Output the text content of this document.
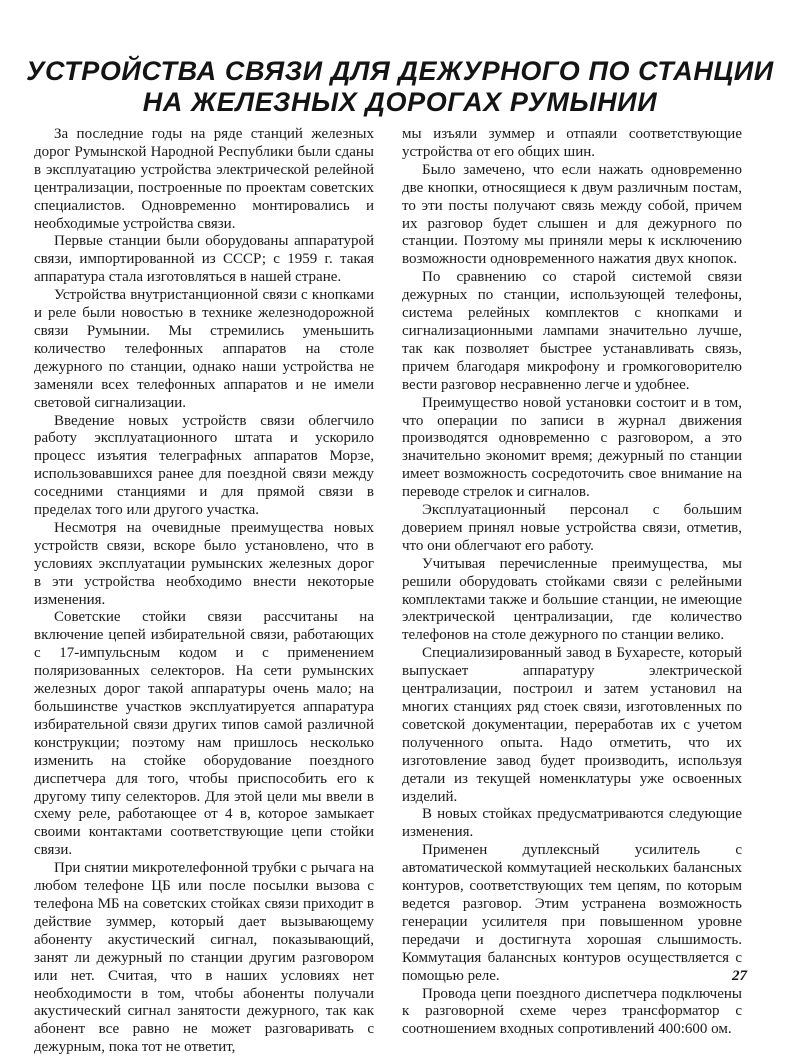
УСТРОЙСТВА СВЯЗИ ДЛЯ ДЕЖУРНОГО ПО СТАНЦИИ
НА ЖЕЛЕЗНЫХ ДОРОГАХ РУМЫНИИ

За последние годы на ряде станций железных дорог Румынской Народной Республики были сданы в эксплуатацию устройства электрической релейной централизации, построенные по проектам советских специалистов. Одновременно монтировались и необходимые устройства связи.

Первые станции были оборудованы аппаратурой связи, импортированной из СССР; с 1959 г. такая аппаратура стала изготовляться в нашей стране.

Устройства внутристанционной связи с кнопками и реле были новостью в технике железнодорожной связи Румынии. Мы стремились уменьшить количество телефонных аппаратов на столе дежурного по станции, однако наши устройства не заменяли всех телефонных аппаратов и не имели световой сигнализации.

Введение новых устройств связи облегчило работу эксплуатационного штата и ускорило процесс изъятия телеграфных аппаратов Морзе, использовавшихся ранее для поездной связи между соседними станциями и для прямой связи в пределах того или другого участка.

Несмотря на очевидные преимущества новых устройств связи, вскоре было установлено, что в условиях эксплуатации румынских железных дорог в эти устройства необходимо внести некоторые изменения.

Советские стойки связи рассчитаны на включение цепей избирательной связи, работающих с 17-импульсным кодом и с применением поляризованных селекторов. На сети румынских железных дорог такой аппаратуры очень мало; на большинстве участков эксплуатируется аппаратура избирательной связи других типов самой различной конструкции; поэтому нам пришлось несколько изменить на стойке оборудование поездного диспетчера для того, чтобы приспособить его к другому типу селекторов. Для этой цели мы ввели в схему реле, работающее от 4 в, которое замыкает своими контактами соответствующие цепи стойки связи.

При снятии микротелефонной трубки с рычага на любом телефоне ЦБ или после посылки вызова с телефона МБ на советских стойках связи приходит в действие зуммер, который дает вызывающему абоненту акустический сигнал, показывающий, занят ли дежурный по станции другим разговором или нет. Считая, что в наших условиях нет необходимости в том, чтобы абоненты получали акустический сигнал занятости дежурного, так как абонент все равно не может разговаривать с дежурным, пока тот не ответит,

мы изъяли зуммер и отпаяли соответствующие устройства от его общих шин.

Было замечено, что если нажать одновременно две кнопки, относящиеся к двум различным постам, то эти посты получают связь между собой, причем их разговор будет слышен и для дежурного по станции. Поэтому мы приняли меры к исключению возможности одновременного нажатия двух кнопок.

По сравнению со старой системой связи дежурных по станции, использующей телефоны, система релейных комплектов с кнопками и сигнализационными лампами значительно лучше, так как позволяет быстрее устанавливать связь, причем благодаря микрофону и громкоговорителю вести разговор несравненно легче и удобнее.

Преимущество новой установки состоит и в том, что операции по записи в журнал движения производятся одновременно с разговором, а это значительно экономит время; дежурный по станции имеет возможность сосредоточить свое внимание на переводе стрелок и сигналов.

Эксплуатационный персонал с большим доверием принял новые устройства связи, отметив, что они облегчают его работу.

Учитывая перечисленные преимущества, мы решили оборудовать стойками связи с релейными комплектами также и большие станции, не имеющие электрической централизации, где количество телефонов на столе дежурного по станции велико.

Специализированный завод в Бухаресте, который выпускает аппаратуру электрической централизации, построил и затем установил на многих станциях ряд стоек связи, изготовленных по советской документации, переработав их с учетом полученного опыта. Надо отметить, что их изготовление завод будет производить, используя детали из текущей номенклатуры уже освоенных изделий.

В новых стойках предусматриваются следующие изменения.

Применен дуплексный усилитель с автоматической коммутацией нескольких балансных контуров, соответствующих тем цепям, по которым ведется разговор. Этим устранена возможность генерации усилителя при повышенном уровне передачи и достигнута хорошая слышимость. Коммутация балансных контуров осуществляется с помощью реле.

Провода цепи поездного диспетчера подключены к разговорной схеме через трансформатор с соотношением входных сопротивлений 400:600 ом.

27
